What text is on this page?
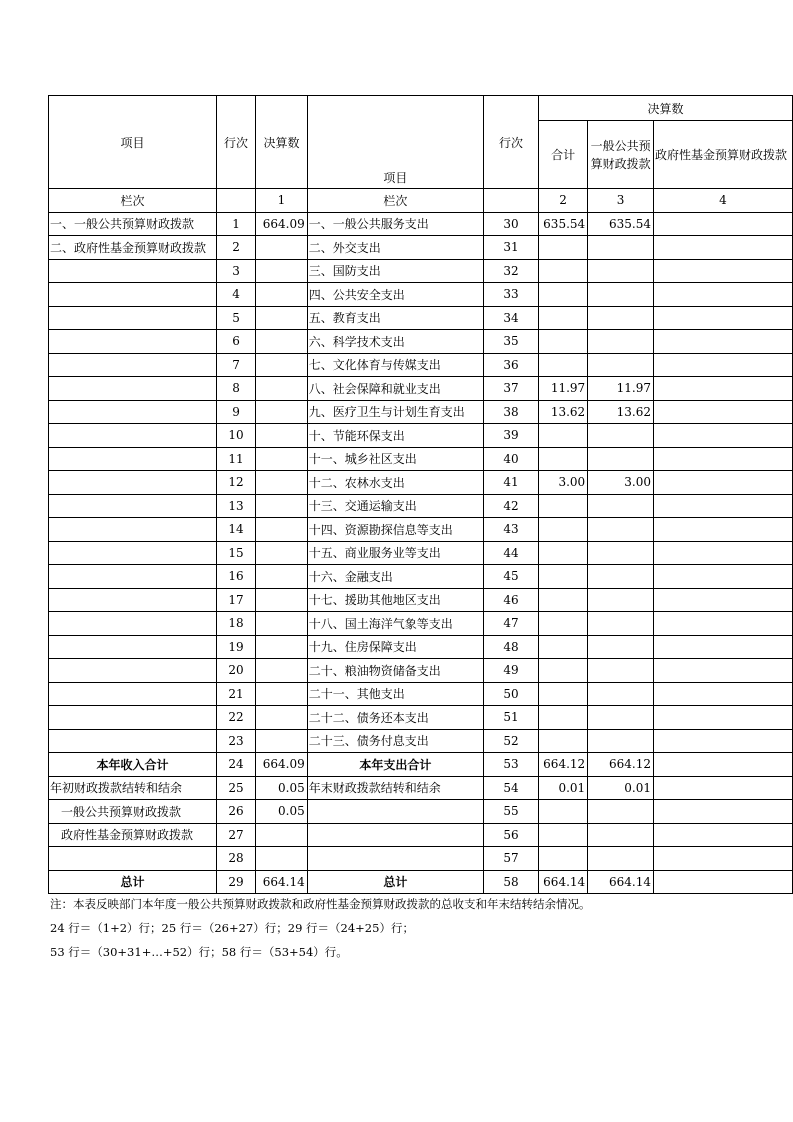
项目	行次	决算数	项目	行次	决算数		
					合计	一般公共预算财政拨款	政府性基金预算财政拨款
栏次		1	栏次		2	3	4
一、一般公共预算财政拨款	1	664.09	一、一般公共服务支出	30	635.54	635.54	
二、政府性基金预算财政拨款	2		二、外交支出	31			
	3		三、国防支出	32			
	4		四、公共安全支出	33			
	5		五、教育支出	34			
	6		六、科学技术支出	35			
	7		七、文化体育与传媒支出	36			
	8		八、社会保障和就业支出	37	11.97	11.97	
	9		九、医疗卫生与计划生育支出	38	13.62	13.62	
	10		十、节能环保支出	39			
	11		十一、城乡社区支出	40			
	12		十二、农林水支出	41	3.00	3.00	
	13		十三、交通运输支出	42			
	14		十四、资源勘探信息等支出	43			
	15		十五、商业服务业等支出	44			
	16		十六、金融支出	45			
	17		十七、援助其他地区支出	46			
	18		十八、国土海洋气象等支出	47			
	19		十九、住房保障支出	48			
	20		二十、粮油物资储备支出	49			
	21		二十一、其他支出	50			
	22		二十二、债务还本支出	51			
	23		二十三、债务付息支出	52			
本年收入合计	24	664.09	本年支出合计	53	664.12	664.12	
年初财政拨款结转和结余	25	0.05	年末财政拨款结转和结余	54	0.01	0.01	
一般公共预算财政拨款	26	0.05		55			
政府性基金预算财政拨款	27			56			
	28			57			
总计	29	664.14	总计	58	664.14	664.14	
注：本表反映部门本年度一般公共预算财政拨款和政府性基金预算财政拨款的总收支和年末结转结余情况。
24 行＝（1+2）行；25 行＝（26+27）行；29 行＝（24+25）行；
53 行＝（30+31+…+52）行；58 行＝（53+54）行。
